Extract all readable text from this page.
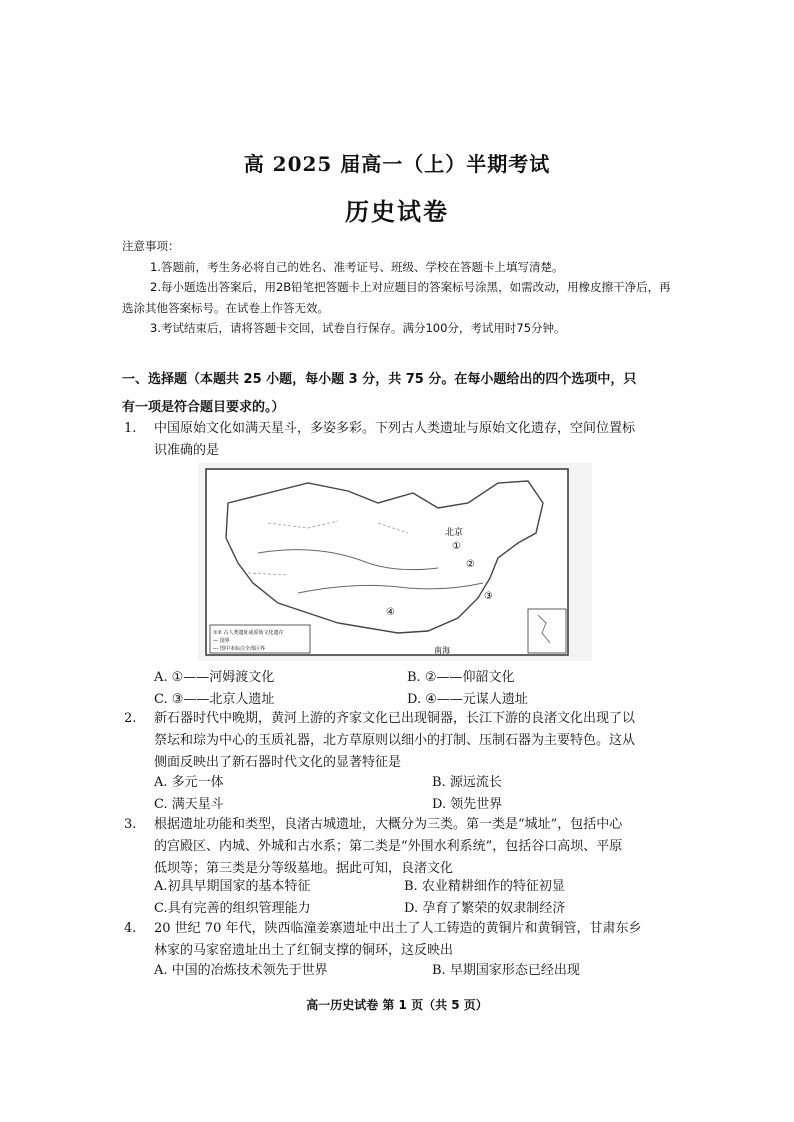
高 2025 届高一（上）半期考试
历史试卷

注意事项：

1.答题前，考生务必将自己的姓名、准考证号、班级、学校在答题卡上填写清楚。

2.每小题选出答案后，用2B铅笔把答题卡上对应题目的答案标号涂黑，如需改动，用橡皮擦干净后，再选涂其他答案标号。在试卷上作答无效。

3.考试结束后，请将答题卡交回，试卷自行保存。满分100分，考试用时75分钟。

一、选择题（本题共 25 小题，每小题 3 分，共 75 分。在每小题给出的四个选项中，只
有一项是符合题目要求的。）
1. 中国原始文化如满天星斗，多姿多彩。下列古人类遗址与原始文化遗存，空间位置标
识准确的是
北京
①
②
③
④
南海
①② 古人类遗址或原始文化遗存
— 国界
--- 图中未标注全部区界
A. ①——河姆渡文化	B. ②——仰韶文化
C. ③——北京人遗址	D. ④——元谋人遗址
2. 新石器时代中晚期，黄河上游的齐家文化已出现铜器，长江下游的良渚文化出现了以
祭坛和琮为中心的玉质礼器，北方草原则以细小的打制、压制石器为主要特色。这从
侧面反映出了新石器时代文化的显著特征是
A. 多元一体	B. 源远流长
C. 满天星斗	D. 领先世界
3. 根据遗址功能和类型，良渚古城遗址，大概分为三类。第一类是“城址”，包括中心
的宫殿区、内城、外城和古水系；第二类是“外围水利系统”，包括谷口高坝、平原
低坝等；第三类是分等级墓地。据此可知，良渚文化
A.初具早期国家的基本特征	B. 农业精耕细作的特征初显
C.具有完善的组织管理能力	D. 孕育了繁荣的奴隶制经济
4. 20 世纪 70 年代，陕西临潼姜寨遗址中出土了人工铸造的黄铜片和黄铜管，甘肃东乡
林家的马家窑遗址出土了红铜支撑的铜环，这反映出
A. 中国的冶炼技术领先于世界	B. 早期国家形态已经出现
高一历史试卷 第 1 页（共 5 页）
